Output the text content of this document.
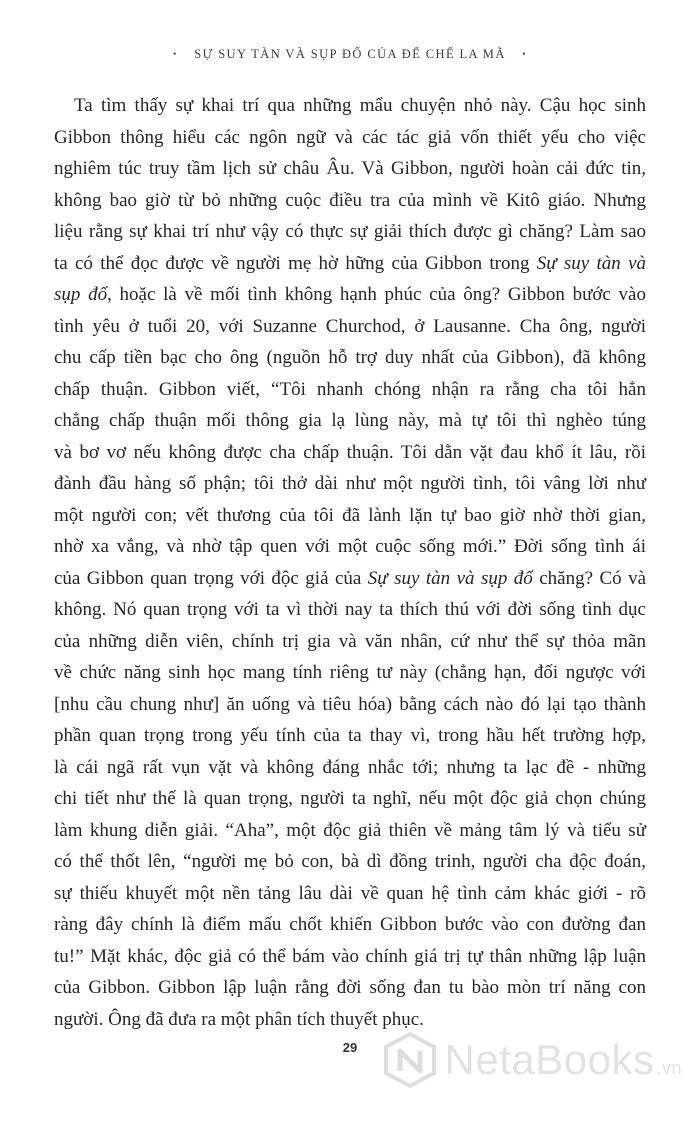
• SỰ SUY TÀN VÀ SỤP ĐỔ CỦA ĐẾ CHẾ LA MÃ •
Ta tìm thấy sự khai trí qua những mẩu chuyện nhỏ này. Cậu học sinh
Gibbon thông hiểu các ngôn ngữ và các tác giả vốn thiết yếu cho việc
nghiêm túc truy tầm lịch sử châu Âu. Và Gibbon, người hoàn cải đức tin,
không bao giờ từ bỏ những cuộc điều tra của mình về Kitô giáo. Nhưng
liệu rằng sự khai trí như vậy có thực sự giải thích được gì chăng? Làm sao
ta có thể đọc được về người mẹ hờ hững của Gibbon trong Sự suy tàn và
sụp đổ, hoặc là về mối tình không hạnh phúc của ông? Gibbon bước vào
tình yêu ở tuổi 20, với Suzanne Churchod, ở Lausanne. Cha ông, người
chu cấp tiền bạc cho ông (nguồn hỗ trợ duy nhất của Gibbon), đã không
chấp thuận. Gibbon viết, “Tôi nhanh chóng nhận ra rằng cha tôi hẳn
chẳng chấp thuận mối thông gia lạ lùng này, mà tự tôi thì nghèo túng
và bơ vơ nếu không được cha chấp thuận. Tôi dằn vặt đau khổ ít lâu, rồi
đành đầu hàng số phận; tôi thở dài như một người tình, tôi vâng lời như
một người con; vết thương của tôi đã lành lặn tự bao giờ nhờ thời gian,
nhờ xa vắng, và nhờ tập quen với một cuộc sống mới.” Đời sống tình ái
của Gibbon quan trọng với độc giả của Sự suy tàn và sụp đổ chăng? Có và
không. Nó quan trọng với ta vì thời nay ta thích thú với đời sống tình dục
của những diễn viên, chính trị gia và văn nhân, cứ như thể sự thỏa mãn
về chức năng sinh học mang tính riêng tư này (chẳng hạn, đối ngược với
[nhu cầu chung như] ăn uống và tiêu hóa) bằng cách nào đó lại tạo thành
phần quan trọng trong yếu tính của ta thay vì, trong hầu hết trường hợp,
là cái ngã rất vụn vặt và không đáng nhắc tới; nhưng ta lạc đề - những
chi tiết như thế là quan trọng, người ta nghĩ, nếu một độc giả chọn chúng
làm khung diễn giải. “Aha”, một độc giả thiên về mảng tâm lý và tiểu sử
có thể thốt lên, “người mẹ bỏ con, bà dì đồng trinh, người cha độc đoán,
sự thiếu khuyết một nền tảng lâu dài về quan hệ tình cảm khác giới - rõ
ràng đây chính là điểm mấu chốt khiến Gibbon bước vào con đường đan
tu!” Mặt khác, độc giả có thể bám vào chính giá trị tự thân những lập luận
của Gibbon. Gibbon lập luận rằng đời sống đan tu bào mòn trí năng con
người. Ông đã đưa ra một phân tích thuyết phục.
29	NetaBooks .vn
